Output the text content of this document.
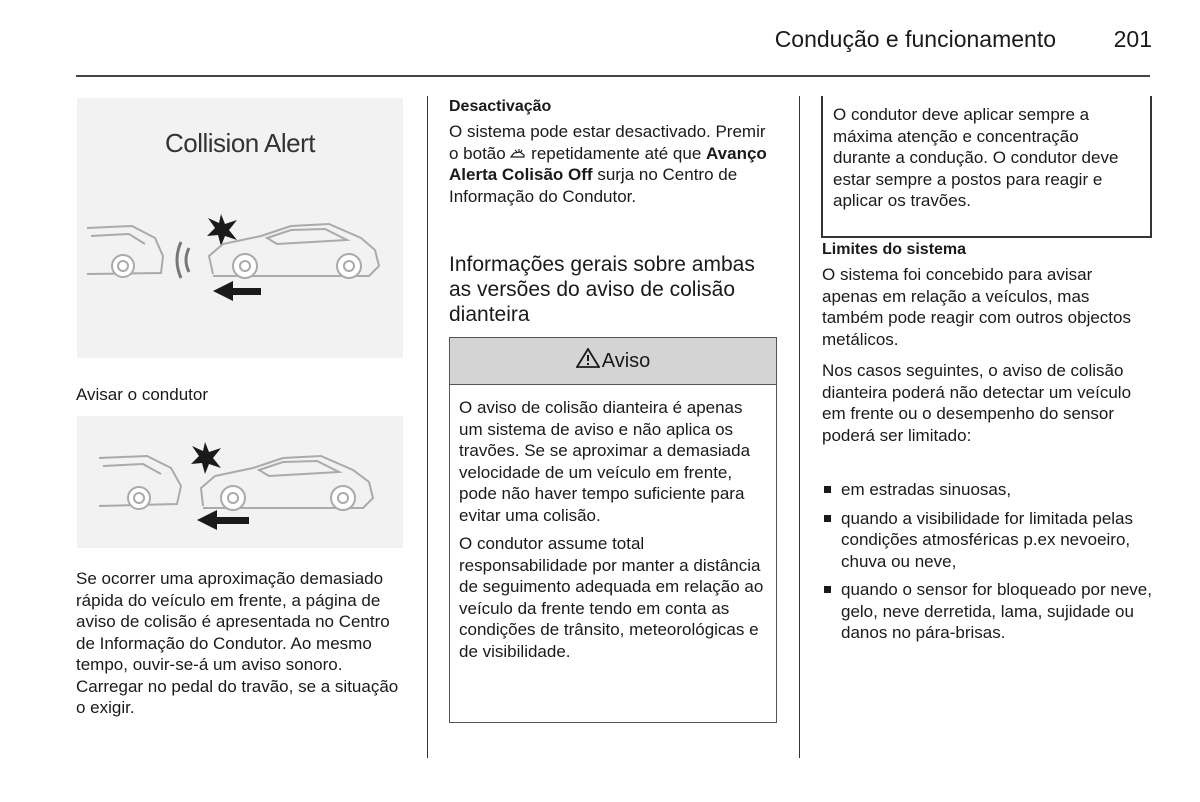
Condução e funcionamento	201
Collision Alert
Avisar o condutor

Se ocorrer uma aproximação demasiado rápida do veículo em frente, a página de aviso de colisão é apresentada no Centro de Informação do Condutor. Ao mesmo tempo, ouvir-se-á um aviso sonoro. Carregar no pedal do travão, se a situação o exigir.

Desactivação

O sistema pode estar desactivado. Premir o botão  repetidamente até que Avanço Alerta Colisão Off surja no Centro de Informação do Condutor.

Informações gerais sobre ambas as versões do aviso de colisão dianteira
Aviso

O aviso de colisão dianteira é apenas um sistema de aviso e não aplica os travões. Se se aproximar a demasiada velocidade de um veículo em frente, pode não haver tempo suficiente para evitar uma colisão.

O condutor assume total responsabilidade por manter a distância de seguimento adequada em relação ao veículo da frente tendo em conta as condições de trânsito, meteorológicas e de visibilidade.

O condutor deve aplicar sempre a máxima atenção e concentração durante a condução. O condutor deve estar sempre a postos para reagir e aplicar os travões.

Limites do sistema

O sistema foi concebido para avisar apenas em relação a veículos, mas também pode reagir com outros objectos metálicos.

Nos casos seguintes, o aviso de colisão dianteira poderá não detectar um veículo em frente ou o desempenho do sensor poderá ser limitado:

em estradas sinuosas,
quando a visibilidade for limitada pelas condições atmosféricas p.ex nevoeiro, chuva ou neve,
quando o sensor for bloqueado por neve, gelo, neve derretida, lama, sujidade ou danos no pára-brisas.
